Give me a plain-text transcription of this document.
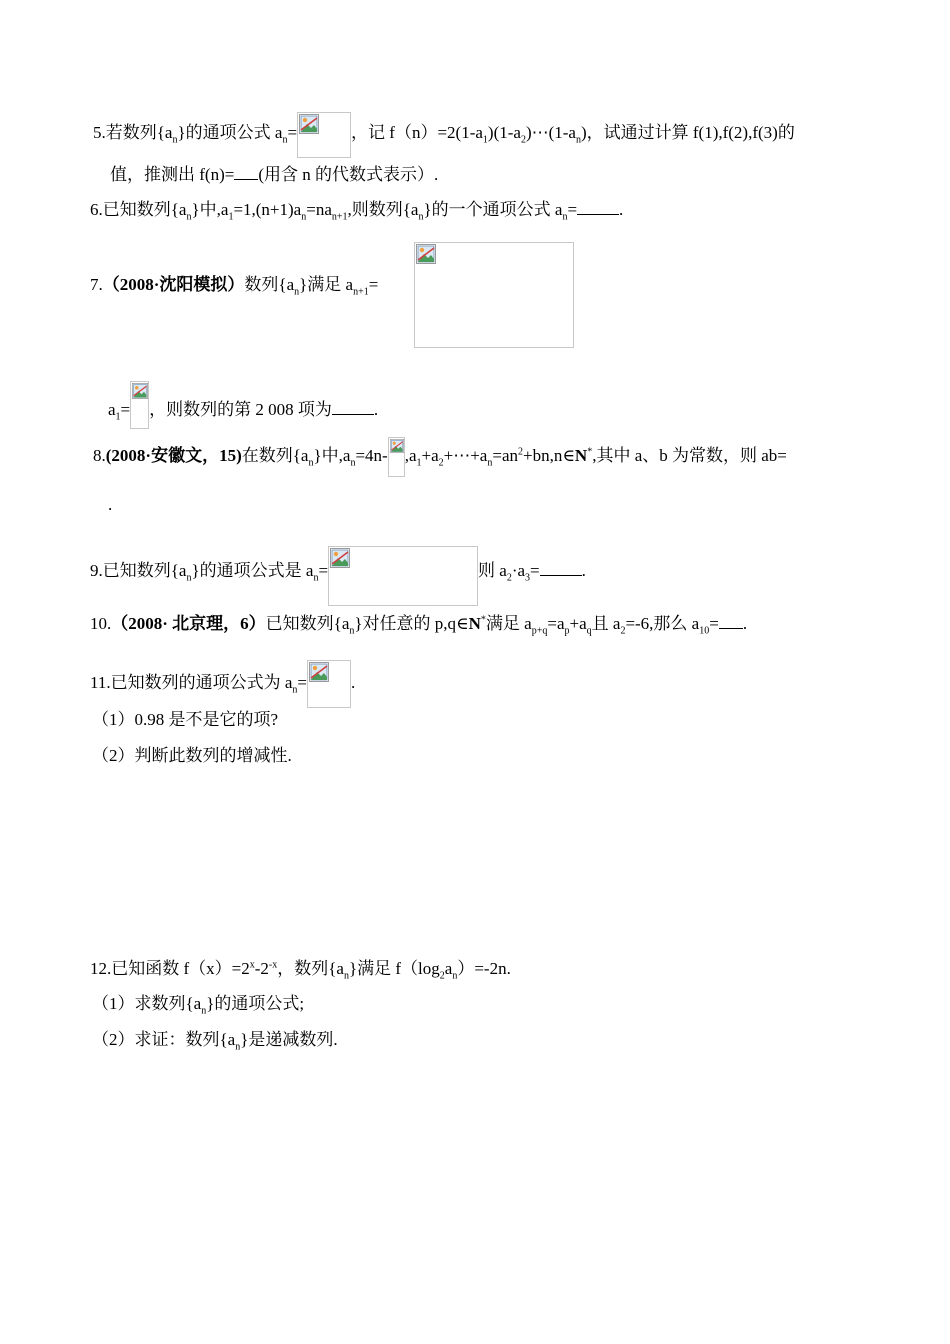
5.若数列$\{a_n\}$的通项公式 $a_n=$	，记 $f(n)=2(1-a_1)(1-a_2)\cdots(1-a_n)$，试通过计算 f(1),f(2),f(3)的
值，推测出 f(n)= (用含 n 的代数式表示）.
6.已知数列$\{a_n\}$中$,a_1=1,(n+1)a_n=na_{n+1}$,则数列$\{a_n\}$的一个通项公式 $a_n=$ .
7.（2008·沈阳模拟）数列$\{a_n\}$满足 $a_{n+1}=$
$a_1=$ ，则数列的第 2 008 项为 .
8.(2008·安徽文，15)在数列$\{a_n\}$中$,a_n=4n-$ $,a_1+a_2+\cdots+a_n=an^2+bn,n\in N^*$,其中 a、b 为常数，则 ab=
.
9.已知数列$\{a_n\}$的通项公式是 $a_n=$	则 $a_2\cdot a_3=$ .
10.（2008· 北京理，6）已知数列$\{a_n\}$对任意的 p,q∈N*满足 $a_{p+q}=a_p+a_q$且 $a_2=-6$,那么 $a_{10}=$ .
11.已知数列的通项公式为 $a_n=$	.
（1）0.98 是不是它的项?
（2）判断此数列的增减性.
12.已知函数 $f(x)=2^x-2^{-x}$，数列$\{a_n\}$满足 $f(\log_2a_n)=-2n$.
（1）求数列$\{a_n\}$的通项公式;
（2）求证：数列$\{a_n\}$是递减数列.
